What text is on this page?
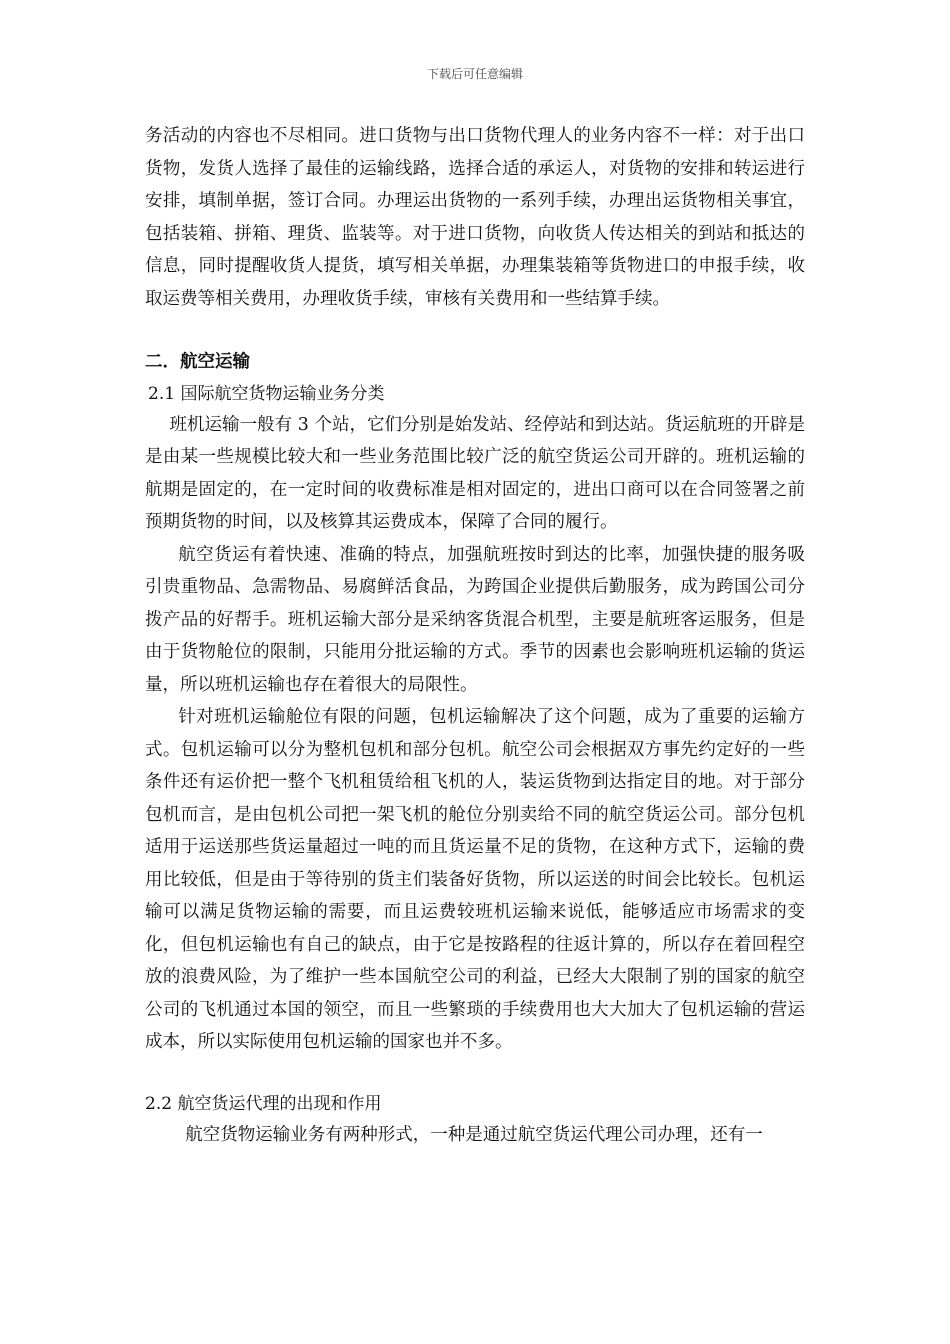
下载后可任意编辑

务活动的内容也不尽相同。进口货物与出口货物代理人的业务内容不一样：对于出口货物，发货人选择了最佳的运输线路，选择合适的承运人，对货物的安排和转运进行安排，填制单据，签订合同。办理运出货物的一系列手续，办理出运货物相关事宜，包括装箱、拼箱、理货、监装等。对于进口货物，向收货人传达相关的到站和抵达的信息，同时提醒收货人提货，填写相关单据，办理集装箱等货物进口的申报手续，收取运费等相关费用，办理收货手续，审核有关费用和一些结算手续。

二．航空运输

2.1 国际航空货物运输业务分类

班机运输一般有 3 个站，它们分别是始发站、经停站和到达站。货运航班的开辟是是由某一些规模比较大和一些业务范围比较广泛的航空货运公司开辟的。班机运输的航期是固定的，在一定时间的收费标准是相对固定的，进出口商可以在合同签署之前预期货物的时间，以及核算其运费成本，保障了合同的履行。

航空货运有着快速、准确的特点，加强航班按时到达的比率，加强快捷的服务吸引贵重物品、急需物品、易腐鲜活食品，为跨国企业提供后勤服务，成为跨国公司分拨产品的好帮手。班机运输大部分是采纳客货混合机型，主要是航班客运服务，但是由于货物舱位的限制，只能用分批运输的方式。季节的因素也会影响班机运输的货运量，所以班机运输也存在着很大的局限性。

针对班机运输舱位有限的问题，包机运输解决了这个问题，成为了重要的运输方式。包机运输可以分为整机包机和部分包机。航空公司会根据双方事先约定好的一些条件还有运价把一整个飞机租赁给租飞机的人，装运货物到达指定目的地。对于部分包机而言，是由包机公司把一架飞机的舱位分别卖给不同的航空货运公司。部分包机适用于运送那些货运量超过一吨的而且货运量不足的货物，在这种方式下，运输的费用比较低，但是由于等待别的货主们装备好货物，所以运送的时间会比较长。包机运输可以满足货物运输的需要，而且运费较班机运输来说低，能够适应市场需求的变化，但包机运输也有自己的缺点，由于它是按路程的往返计算的，所以存在着回程空放的浪费风险，为了维护一些本国航空公司的利益，已经大大限制了别的国家的航空公司的飞机通过本国的领空，而且一些繁琐的手续费用也大大加大了包机运输的营运成本，所以实际使用包机运输的国家也并不多。

2.2 航空货运代理的出现和作用

航空货物运输业务有两种形式，一种是通过航空货运代理公司办理，还有一
